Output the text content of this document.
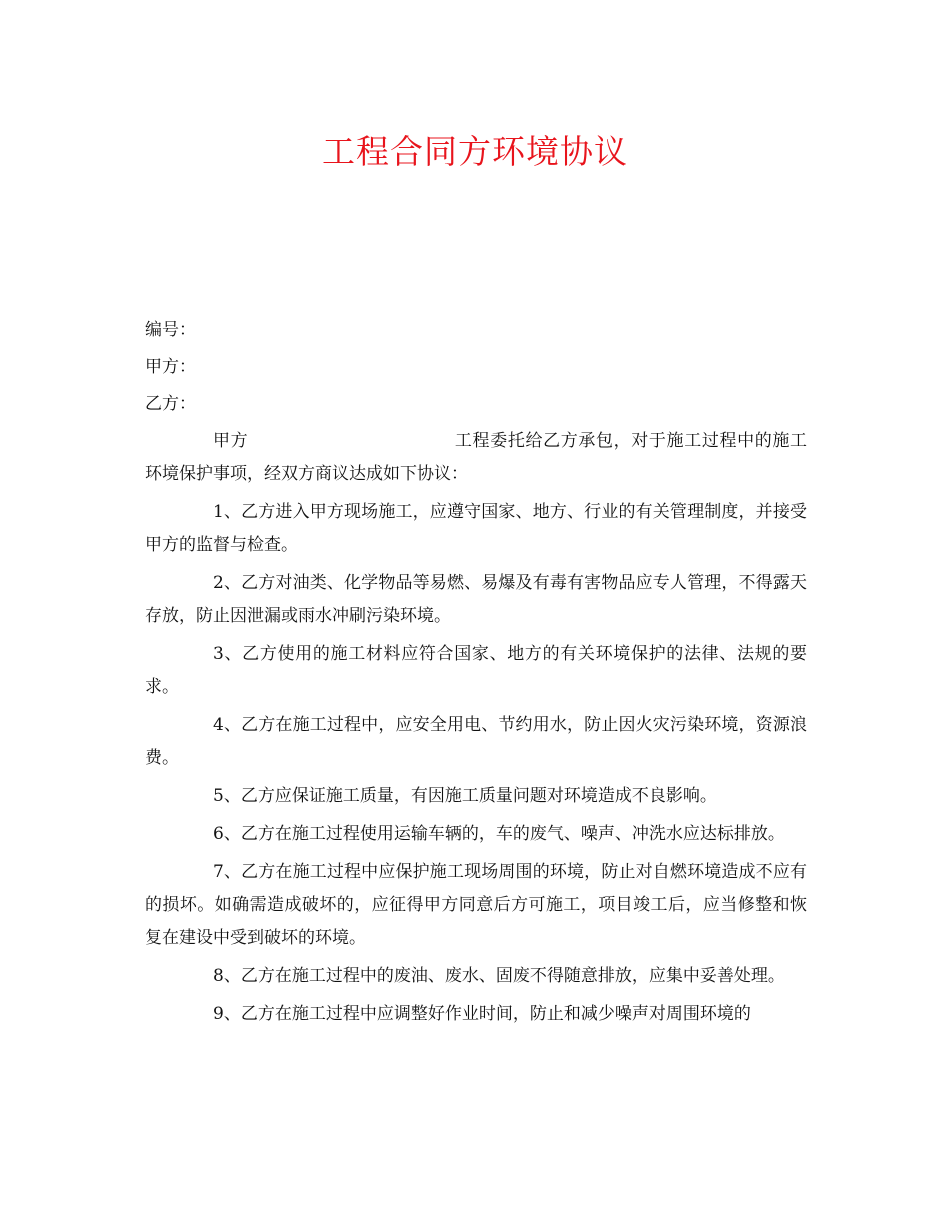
工程合同方环境协议
编号：
甲方：
乙方：

甲方	工程委托给乙方承包，对于施工过程中的施工环境保护事项，经双方商议达成如下协议：

1、乙方进入甲方现场施工，应遵守国家、地方、行业的有关管理制度，并接受甲方的监督与检查。

2、乙方对油类、化学物品等易燃、易爆及有毒有害物品应专人管理，不得露天存放，防止因泄漏或雨水冲刷污染环境。

3、乙方使用的施工材料应符合国家、地方的有关环境保护的法律、法规的要求。

4、乙方在施工过程中，应安全用电、节约用水，防止因火灾污染环境，资源浪费。

5、乙方应保证施工质量，有因施工质量问题对环境造成不良影响。

6、乙方在施工过程使用运输车辆的，车的废气、噪声、冲洗水应达标排放。

7、乙方在施工过程中应保护施工现场周围的环境，防止对自燃环境造成不应有的损坏。如确需造成破坏的，应征得甲方同意后方可施工，项目竣工后，应当修整和恢复在建设中受到破坏的环境。

8、乙方在施工过程中的废油、废水、固废不得随意排放，应集中妥善处理。

9、乙方在施工过程中应调整好作业时间，防止和减少噪声对周围环境的
